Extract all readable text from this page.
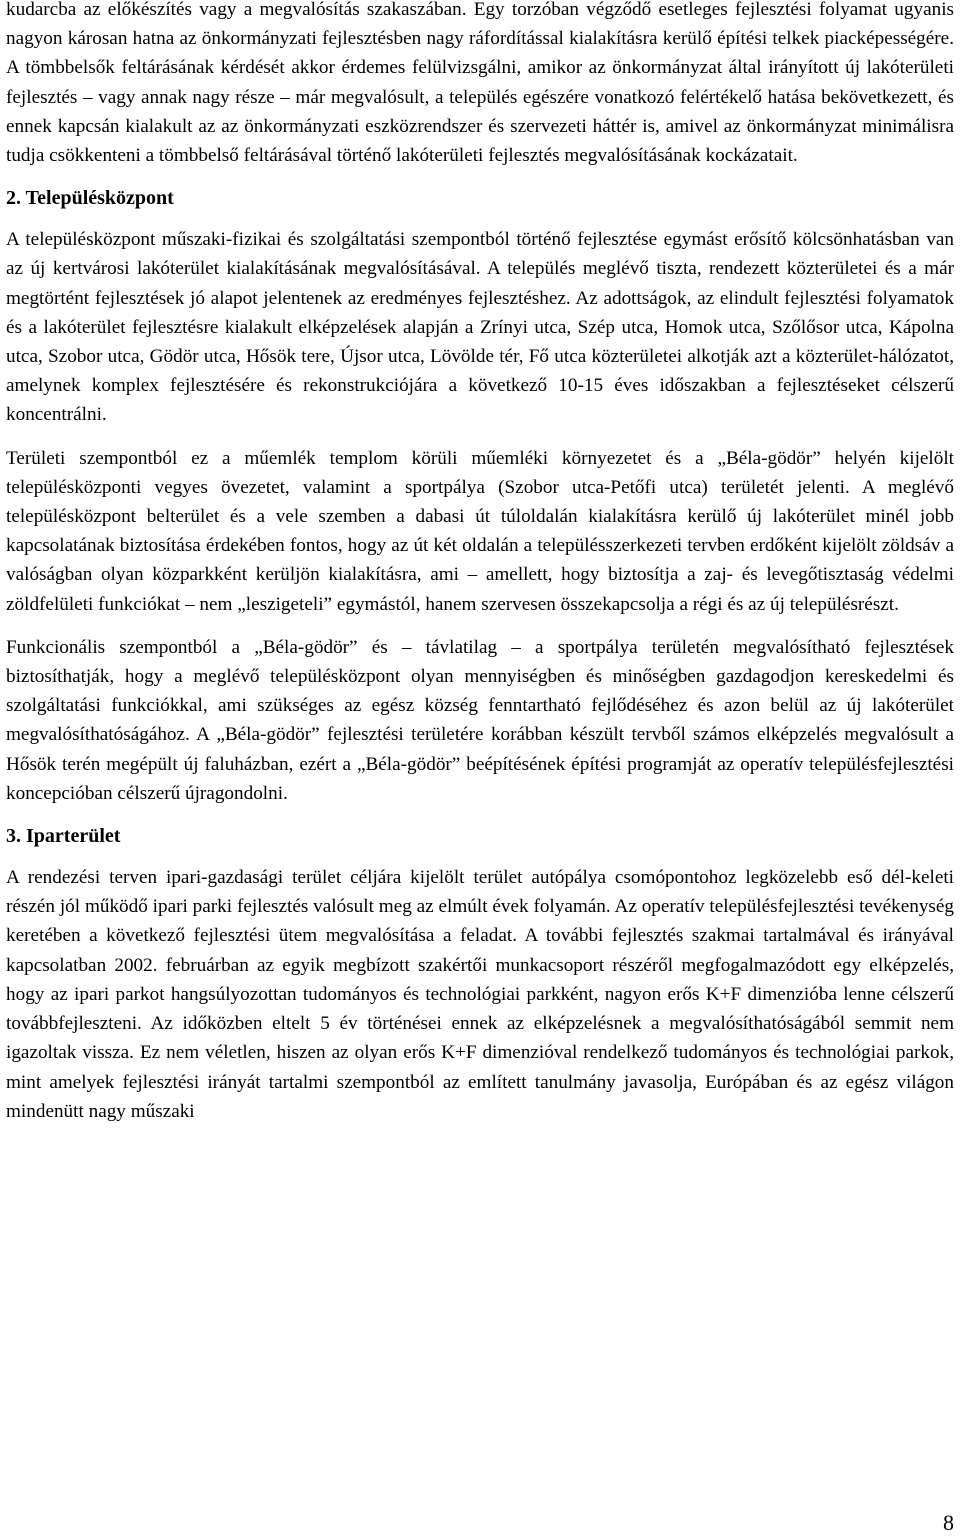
kudarcba az előkészítés vagy a megvalósítás szakaszában. Egy torzóban végződő esetleges fejlesztési folyamat ugyanis nagyon károsan hatna az önkormányzati fejlesztésben nagy ráfordítással kialakításra kerülő építési telkek piacképességére. A tömbbelsők feltárásának kérdését akkor érdemes felülvizsgálni, amikor az önkormányzat által irányított új lakóterületi fejlesztés – vagy annak nagy része – már megvalósult, a település egészére vonatkozó felértékelő hatása bekövetkezett, és ennek kapcsán kialakult az az önkormányzati eszközrendszer és szervezeti háttér is, amivel az önkormányzat minimálisra tudja csökkenteni a tömbbelső feltárásával történő lakóterületi fejlesztés megvalósításának kockázatait.

2. Településközpont

A településközpont műszaki-fizikai és szolgáltatási szempontból történő fejlesztése egymást erősítő kölcsönhatásban van az új kertvárosi lakóterület kialakításának megvalósításával. A település meglévő tiszta, rendezett közterületei és a már megtörtént fejlesztések jó alapot jelentenek az eredményes fejlesztéshez. Az adottságok, az elindult fejlesztési folyamatok és a lakóterület fejlesztésre kialakult elképzelések alapján a Zrínyi utca, Szép utca, Homok utca, Szőlősor utca, Kápolna utca, Szobor utca, Gödör utca, Hősök tere, Újsor utca, Lövölde tér, Fő utca közterületei alkotják azt a közterület-hálózatot, amelynek komplex fejlesztésére és rekonstrukciójára a következő 10-15 éves időszakban a fejlesztéseket célszerű koncentrálni.

Területi szempontból ez a műemlék templom körüli műemléki környezetet és a „Béla-gödör” helyén kijelölt településközponti vegyes övezetet, valamint a sportpálya (Szobor utca-Petőfi utca) területét jelenti. A meglévő településközpont belterület és a vele szemben a dabasi út túloldalán kialakításra kerülő új lakóterület minél jobb kapcsolatának biztosítása érdekében fontos, hogy az út két oldalán a településszerkezeti tervben erdőként kijelölt zöldsáv a valóságban olyan közparkként kerüljön kialakításra, ami – amellett, hogy biztosítja a zaj- és levegőtisztaság védelmi zöldfelületi funkciókat – nem „leszigeteli” egymástól, hanem szervesen összekapcsolja a régi és az új településrészt.

Funkcionális szempontból a „Béla-gödör” és – távlatilag – a sportpálya területén megvalósítható fejlesztések biztosíthatják, hogy a meglévő településközpont olyan mennyiségben és minőségben gazdagodjon kereskedelmi és szolgáltatási funkciókkal, ami szükséges az egész község fenntartható fejlődéséhez és azon belül az új lakóterület megvalósíthatóságához. A „Béla-gödör” fejlesztési területére korábban készült tervből számos elképzelés megvalósult a Hősök terén megépült új faluházban, ezért a „Béla-gödör” beépítésének építési programját az operatív településfejlesztési koncepcióban célszerű újragondolni.

3. Iparterület

A rendezési terven ipari-gazdasági terület céljára kijelölt terület autópálya csomópontohoz legközelebb eső dél-keleti részén jól működő ipari parki fejlesztés valósult meg az elmúlt évek folyamán. Az operatív településfejlesztési tevékenység keretében a következő fejlesztési ütem megvalósítása a feladat. A további fejlesztés szakmai tartalmával és irányával kapcsolatban 2002. februárban az egyik megbízott szakértői munkacsoport részéről megfogalmazódott egy elképzelés, hogy az ipari parkot hangsúlyozottan tudományos és technológiai parkként, nagyon erős K+F dimenzióba lenne célszerű továbbfejleszteni. Az időközben eltelt 5 év történései ennek az elképzelésnek a megvalósíthatóságából semmit nem igazoltak vissza. Ez nem véletlen, hiszen az olyan erős K+F dimenzióval rendelkező tudományos és technológiai parkok, mint amelyek fejlesztési irányát tartalmi szempontból az említett tanulmány javasolja, Európában és az egész világon mindenütt nagy műszaki

8
